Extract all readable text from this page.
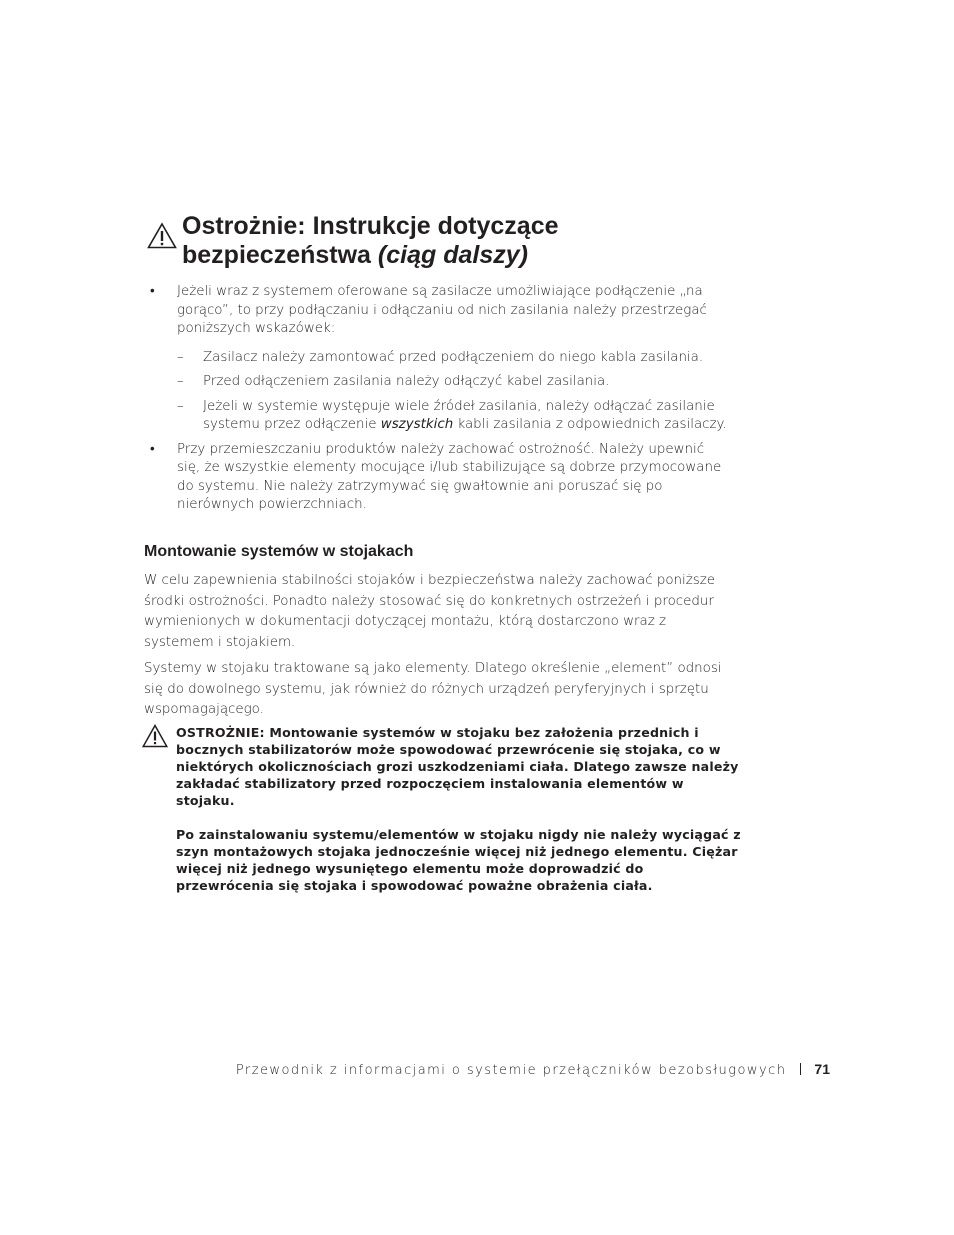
Ostrożnie: Instrukcje dotyczące
bezpieczeństwa (ciąg dalszy)
• Jeżeli wraz z systemem oferowane są zasilacze umożliwiające podłączenie „na gorąco”, to przy podłączaniu i odłączaniu od nich zasilania należy przestrzegać poniższych wskazówek:
– Zasilacz należy zamontować przed podłączeniem do niego kabla zasilania.
– Przed odłączeniem zasilania należy odłączyć kabel zasilania.
– Jeżeli w systemie występuje wiele źródeł zasilania, należy odłączać zasilanie systemu przez odłączenie wszystkich kabli zasilania z odpowiednich zasilaczy.
• Przy przemieszczaniu produktów należy zachować ostrożność. Należy upewnić się, że wszystkie elementy mocujące i/lub stabilizujące są dobrze przymocowane do systemu. Nie należy zatrzymywać się gwałtownie ani poruszać się po nierównych powierzchniach.
Montowanie systemów w stojakach
W celu zapewnienia stabilności stojaków i bezpieczeństwa należy zachować poniższe środki ostrożności. Ponadto należy stosować się do konkretnych ostrzeżeń i procedur wymienionych w dokumentacji dotyczącej montażu, którą dostarczono wraz z systemem i stojakiem.
Systemy w stojaku traktowane są jako elementy. Dlatego określenie „element” odnosi się do dowolnego systemu, jak również do różnych urządzeń peryferyjnych i sprzętu wspomagającego.

OSTROŻNIE: Montowanie systemów w stojaku bez założenia przednich i bocznych stabilizatorów może spowodować przewrócenie się stojaka, co w niektórych okolicznościach grozi uszkodzeniami ciała. Dlatego zawsze należy zakładać stabilizatory przed rozpoczęciem instalowania elementów w stojaku.

Po zainstalowaniu systemu/elementów w stojaku nigdy nie należy wyciągać z szyn montażowych stojaka jednocześnie więcej niż jednego elementu. Ciężar więcej niż jednego wysuniętego elementu może doprowadzić do przewrócenia się stojaka i spowodować poważne obrażenia ciała.

Przewodnik z informacjami o systemie przełączników bezobsługowych 71
